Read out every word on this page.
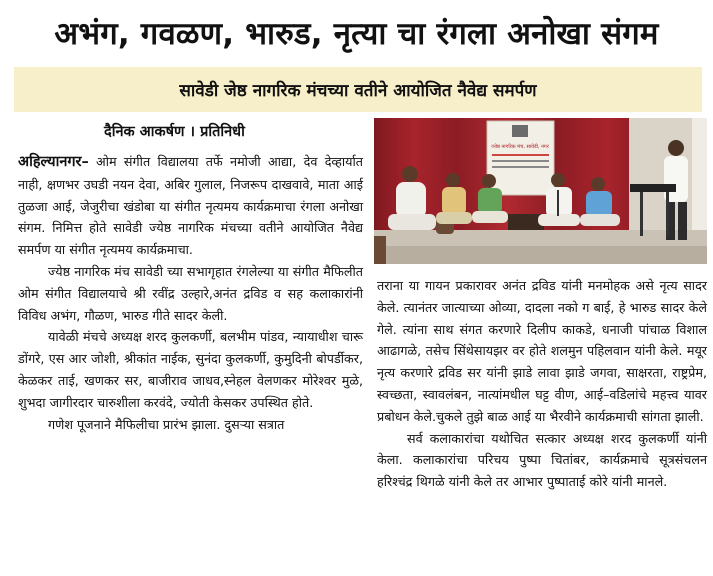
अभंग, गवळण, भारुड, नृत्या चा रंगला अनोखा संगम
सावेडी जेष्ठ नागरिक मंचच्या वतीने आयोजित नैवेद्य समर्पण
दैनिक आकर्षण । प्रतिनिधी

अहिल्यानगर– ओम संगीत विद्यालया तर्फे नमोजी आद्या, देव देव्हार्यात नाही, क्षणभर उघडी नयन देवा, अबिर गुलाल, निजरूप दाखवावे, माता आई तुळजा आई, जेजुरीचा खंडोबा या संगीत नृत्यमय कार्यक्रमाचा रंगला अनोखा संगम. निमित्त होते सावेडी ज्येष्ठ नागरिक मंचच्या वतीने आयोजित नैवेद्य समर्पण या संगीत नृत्यमय कार्यक्रमाचा.

ज्येष्ठ नागरिक मंच सावेडी च्या सभागृहात रंगलेल्या या संगीत मैफिलीत ओम संगीत विद्यालयाचे श्री रवींद्र उल्हारे,अनंत द्रविड व सह कलाकारांनी विविध अभंग, गौळण, भारुड गीते सादर केली.

यावेळी मंचचे अध्यक्ष शरद कुलकर्णी, बलभीम पांडव, न्यायाधीश चारू डोंगरे, एस आर जोशी, श्रीकांत नाईक, सुनंदा कुलकर्णी, कुमुदिनी बोपर्डीकर, केळकर ताई, खणकर सर, बाजीराव जाधव,स्नेहल वेलणकर मोरेश्वर मुळे, शुभदा जागीरदार चारुशीला करवंदे, ज्योती केसकर उपस्थित होते.

गणेश पूजनाने मैफिलीचा प्रारंभ झाला. दुसऱ्या सत्रात

ज्येष्ठ नागरिक मंच, सावेडी, नगर

तराना या गायन प्रकारावर अनंत द्रविड यांनी मनमोहक असे नृत्य सादर केले. त्यानंतर जात्याच्या ओव्या, दादला नको ग बाई, हे भारुड सादर केले गेले. त्यांना साथ संगत करणारे दिलीप काकडे, धनाजी पांचाळ विशाल आढागळे, तसेच सिंथेसायझर वर होते शलमुन पहिलवान यांनी केले. मयूर नृत्य करणारे द्रविड सर यांनी झाडे लावा झाडे जगवा, साक्षरता, राष्ट्रप्रेम, स्वच्छता, स्वावलंबन, नात्यांमधील घट्ट वीण, आई–वडिलांचे महत्त्व यावर प्रबोधन केले.चुकले तुझे बाळ आई या भैरवीने कार्यक्रमाची सांगता झाली.

सर्व कलाकारांचा यथोचित सत्कार अध्यक्ष शरद कुलकर्णी यांनी केला. कलाकारांचा परिचय पुष्पा चितांबर, कार्यक्रमाचे सूत्रसंचलन हरिश्चंद्र थिगळे यांनी केले तर आभार पुष्पाताई कोरे यांनी मानले.
